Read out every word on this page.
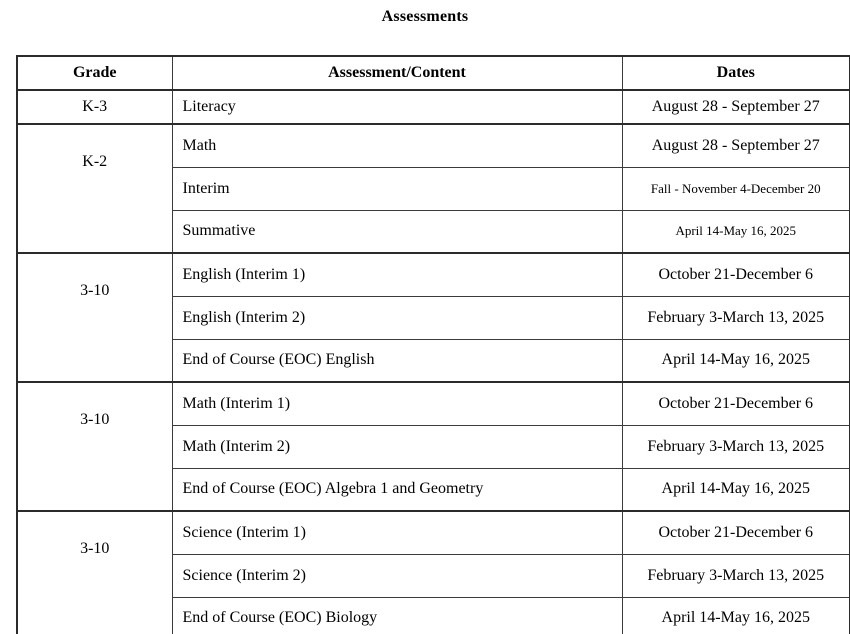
Assessments
Grade	Assessment/Content	Dates
K-3	Literacy	August 28 - September 27
K-2	Math	August 28 - September 27
	Interim	Fall - November 4-December 20
	Summative	April 14-May 16, 2025
3-10	English (Interim 1)	October 21-December 6
	English (Interim 2)	February 3-March 13, 2025
	End of Course (EOC) English	April 14-May 16, 2025
3-10	Math (Interim 1)	October 21-December 6
	Math (Interim 2)	February 3-March 13, 2025
	End of Course (EOC) Algebra 1 and Geometry	April 14-May 16, 2025
3-10	Science (Interim 1)	October 21-December 6
	Science (Interim 2)	February 3-March 13, 2025
	End of Course (EOC) Biology	April 14-May 16, 2025
